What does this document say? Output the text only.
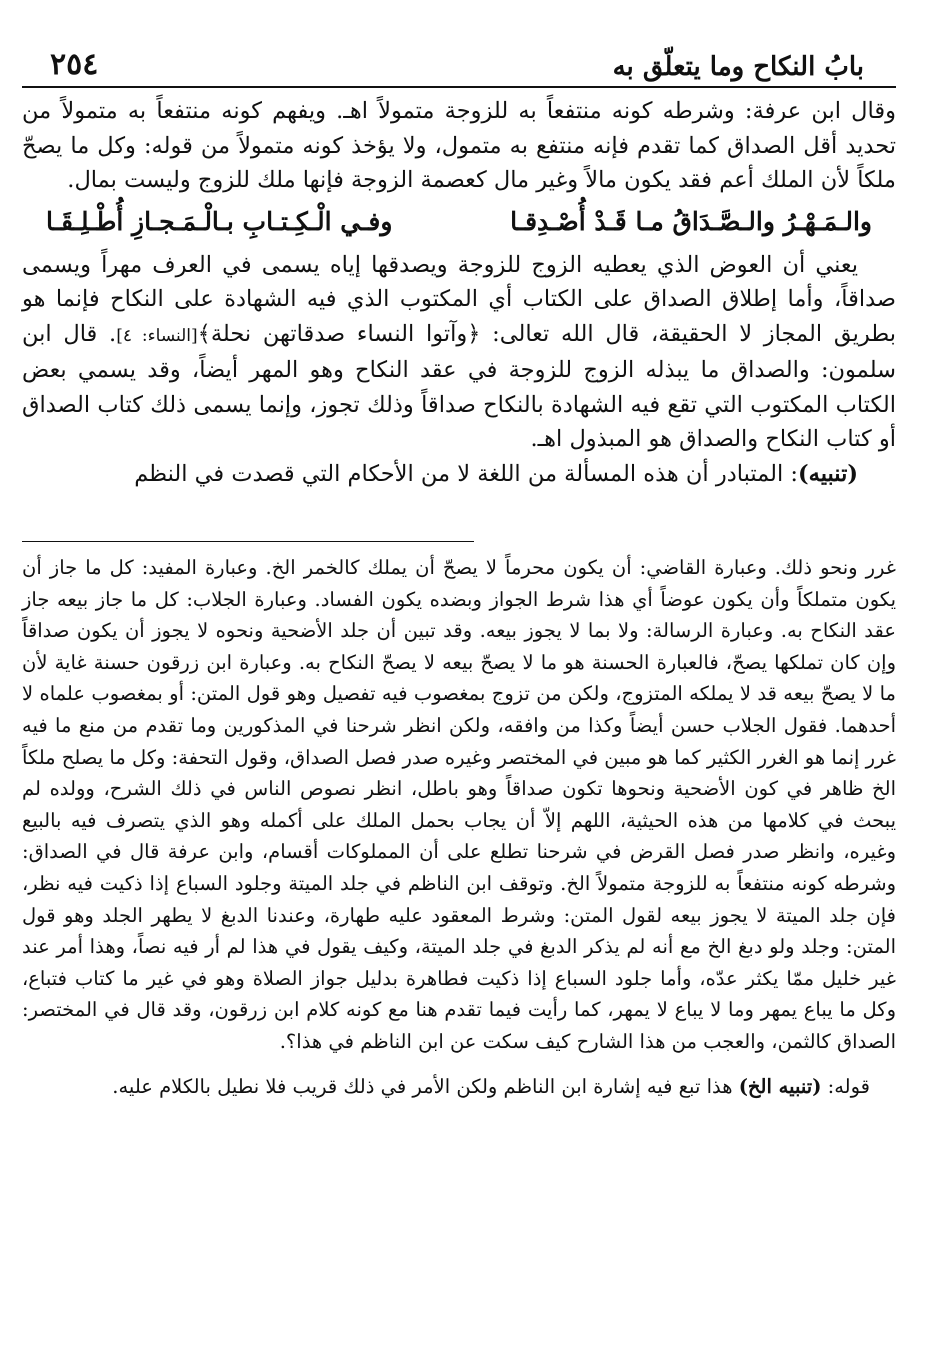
بابُ النكاح وما يتعلّق به
٢٥٤

وقال ابن عرفة: وشرطه كونه منتفعاً به للزوجة متمولاً اهـ. ويفهم كونه منتفعاً به متمولاً من تحديد أقل الصداق كما تقدم فإنه منتفع به متمول، ولا يؤخذ كونه متمولاً من قوله: وكل ما يصحّ ملكاً لأن الملك أعم فقد يكون مالاً وغير مال كعصمة الزوجة فإنها ملك للزوج وليست بمال.

والـمَـهْـرُ والـصَّـدَاقُ مـا قَـدْ أُصْـدِقـا
وفـي الْـكِـتـابِ بـالْـمَـجـازِ أُطْـلِـقَـا

يعني أن العوض الذي يعطيه الزوج للزوجة ويصدقها إياه يسمى في العرف مهراً ويسمى صداقاً، وأما إطلاق الصداق على الكتاب أي المكتوب الذي فيه الشهادة على النكاح فإنما هو بطريق المجاز لا الحقيقة، قال الله تعالى: ﴿وآتوا النساء صدقاتهن نحلة﴾[النساء: ٤]. قال ابن سلمون: والصداق ما يبذله الزوج للزوجة في عقد النكاح وهو المهر أيضاً، وقد يسمي بعض الكتاب المكتوب التي تقع فيه الشهادة بالنكاح صداقاً وذلك تجوز، وإنما يسمى ذلك كتاب الصداق أو كتاب النكاح والصداق هو المبذول اهـ.

(تنبيه): المتبادر أن هذه المسألة من اللغة لا من الأحكام التي قصدت في النظم

غرر ونحو ذلك. وعبارة القاضي: أن يكون محرماً لا يصحّ أن يملك كالخمر الخ. وعبارة المفيد: كل ما جاز أن يكون متملكاً وأن يكون عوضاً أي هذا شرط الجواز وبضده يكون الفساد. وعبارة الجلاب: كل ما جاز بيعه جاز عقد النكاح به. وعبارة الرسالة: ولا بما لا يجوز بيعه. وقد تبين أن جلد الأضحية ونحوه لا يجوز أن يكون صداقاً وإن كان تملكها يصحّ، فالعبارة الحسنة هو ما لا يصحّ بيعه لا يصحّ النكاح به. وعبارة ابن زرقون حسنة غاية لأن ما لا يصحّ بيعه قد لا يملكه المتزوج، ولكن من تزوج بمغصوب فيه تفصيل وهو قول المتن: أو بمغصوب علماه لا أحدهما. فقول الجلاب حسن أيضاً وكذا من وافقه، ولكن انظر شرحنا في المذكورين وما تقدم من منع ما فيه غرر إنما هو الغرر الكثير كما هو مبين في المختصر وغيره صدر فصل الصداق، وقول التحفة: وكل ما يصلح ملكاً الخ ظاهر في كون الأضحية ونحوها تكون صداقاً وهو باطل، انظر نصوص الناس في ذلك الشرح، وولده لم يبحث في كلامها من هذه الحيثية، اللهم إلاّ أن يجاب بحمل الملك على أكمله وهو الذي يتصرف فيه بالبيع وغيره، وانظر صدر فصل القرض في شرحنا تطلع على أن المملوكات أقسام، وابن عرفة قال في الصداق: وشرطه كونه منتفعاً به للزوجة متمولاً الخ. وتوقف ابن الناظم في جلد الميتة وجلود السباع إذا ذكيت فيه نظر، فإن جلد الميتة لا يجوز بيعه لقول المتن: وشرط المعقود عليه طهارة، وعندنا الدبغ لا يطهر الجلد وهو قول المتن: وجلد ولو دبغ الخ مع أنه لم يذكر الدبغ في جلد الميتة، وكيف يقول في هذا لم أر فيه نصاً، وهذا أمر عند غير خليل ممّا يكثر عدّه، وأما جلود السباع إذا ذكيت فطاهرة بدليل جواز الصلاة وهو في غير ما كتاب فتباع، وكل ما يباع يمهر وما لا يباع لا يمهر، كما رأيت فيما تقدم هنا مع كونه كلام ابن زرقون، وقد قال في المختصر: الصداق كالثمن، والعجب من هذا الشارح كيف سكت عن ابن الناظم في هذا؟.

قوله: (تنبيه الخ) هذا تبع فيه إشارة ابن الناظم ولكن الأمر في ذلك قريب فلا نطيل بالكلام عليه.
